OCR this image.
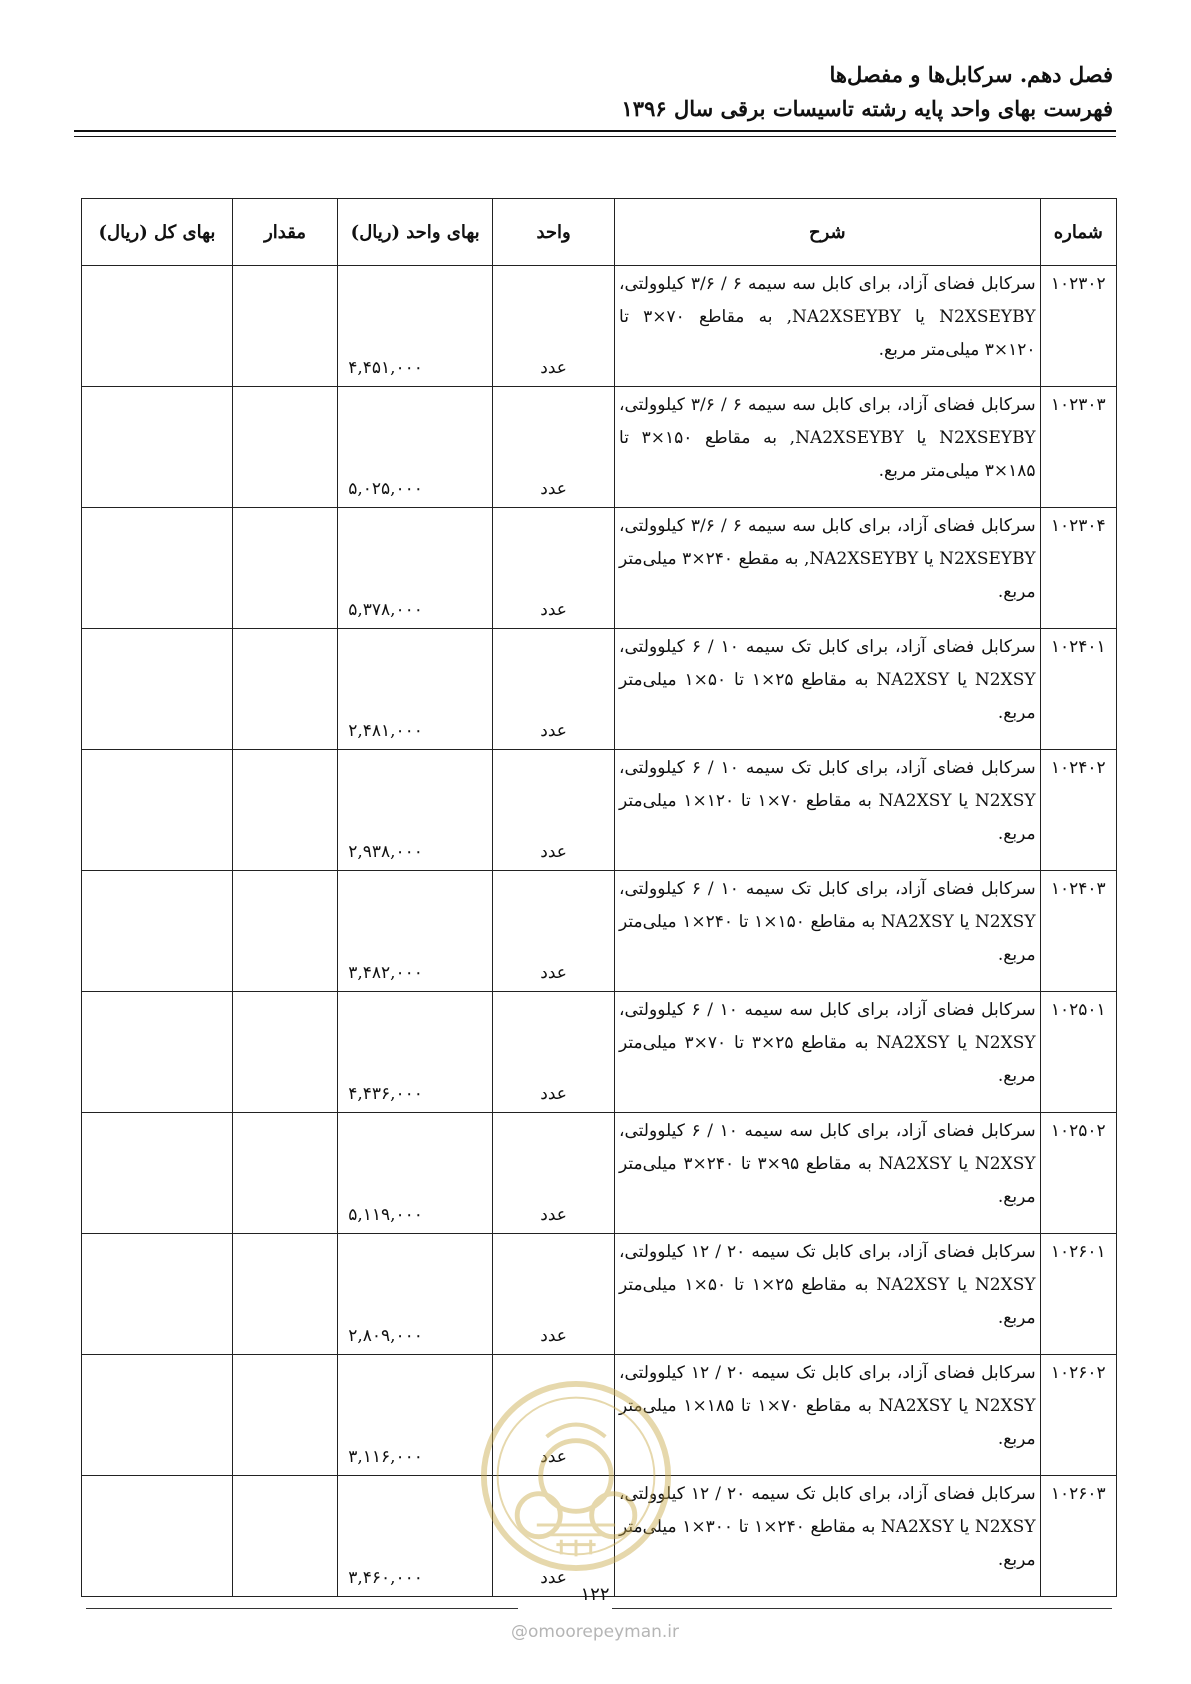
فصل دهم. سرکابل‌ها و مفصل‌ها
فهرست بهای واحد پایه رشته تاسیسات برقی سال ۱۳۹۶
شماره	شرح	واحد	بهای واحد (ریال)	مقدار	بهای کل (ریال)
۱۰۲۳۰۲	سرکابل فضای آزاد، برای کابل سه سیمه ۶ / ۳/۶ کیلوولتی، N2XSEYBY یا NA2XSEYBY, به مقاطع ۷۰×۳ تا ۱۲۰×۳ میلی‌متر مربع.	عدد	۴,۴۵۱,۰۰۰		
۱۰۲۳۰۳	سرکابل فضای آزاد، برای کابل سه سیمه ۶ / ۳/۶ کیلوولتی، N2XSEYBY یا NA2XSEYBY, به مقاطع ۱۵۰×۳ تا ۱۸۵×۳ میلی‌متر مربع.	عدد	۵,۰۲۵,۰۰۰		
۱۰۲۳۰۴	سرکابل فضای آزاد، برای کابل سه سیمه ۶ / ۳/۶ کیلوولتی، N2XSEYBY یا NA2XSEYBY, به مقطع ۲۴۰×۳ میلی‌متر مربع.	عدد	۵,۳۷۸,۰۰۰		
۱۰۲۴۰۱	سرکابل فضای آزاد، برای کابل تک سیمه ۱۰ / ۶ کیلوولتی، N2XSY یا NA2XSY به مقاطع ۲۵×۱ تا ۵۰×۱ میلی‌متر مربع.	عدد	۲,۴۸۱,۰۰۰		
۱۰۲۴۰۲	سرکابل فضای آزاد، برای کابل تک سیمه ۱۰ / ۶ کیلوولتی، N2XSY یا NA2XSY به مقاطع ۷۰×۱ تا ۱۲۰×۱ میلی‌متر مربع.	عدد	۲,۹۳۸,۰۰۰		
۱۰۲۴۰۳	سرکابل فضای آزاد، برای کابل تک سیمه ۱۰ / ۶ کیلوولتی، N2XSY یا NA2XSY به مقاطع ۱۵۰×۱ تا ۲۴۰×۱ میلی‌متر مربع.	عدد	۳,۴۸۲,۰۰۰		
۱۰۲۵۰۱	سرکابل فضای آزاد، برای کابل سه سیمه ۱۰ / ۶ کیلوولتی، N2XSY یا NA2XSY به مقاطع ۲۵×۳ تا ۷۰×۳ میلی‌متر مربع.	عدد	۴,۴۳۶,۰۰۰		
۱۰۲۵۰۲	سرکابل فضای آزاد، برای کابل سه سیمه ۱۰ / ۶ کیلوولتی، N2XSY یا NA2XSY به مقاطع ۹۵×۳ تا ۲۴۰×۳ میلی‌متر مربع.	عدد	۵,۱۱۹,۰۰۰		
۱۰۲۶۰۱	سرکابل فضای آزاد، برای کابل تک سیمه ۲۰ / ۱۲ کیلوولتی، N2XSY یا NA2XSY به مقاطع ۲۵×۱ تا ۵۰×۱ میلی‌متر مربع.	عدد	۲,۸۰۹,۰۰۰		
۱۰۲۶۰۲	سرکابل فضای آزاد، برای کابل تک سیمه ۲۰ / ۱۲ کیلوولتی، N2XSY یا NA2XSY به مقاطع ۷۰×۱ تا ۱۸۵×۱ میلی‌متر مربع.	عدد	۳,۱۱۶,۰۰۰		
۱۰۲۶۰۳	سرکابل فضای آزاد، برای کابل تک سیمه ۲۰ / ۱۲ کیلوولتی، N2XSY یا NA2XSY به مقاطع ۲۴۰×۱ تا ۳۰۰×۱ میلی‌متر مربع.	عدد	۳,۴۶۰,۰۰۰		
۱۲۲
@omoorepeyman.ir
